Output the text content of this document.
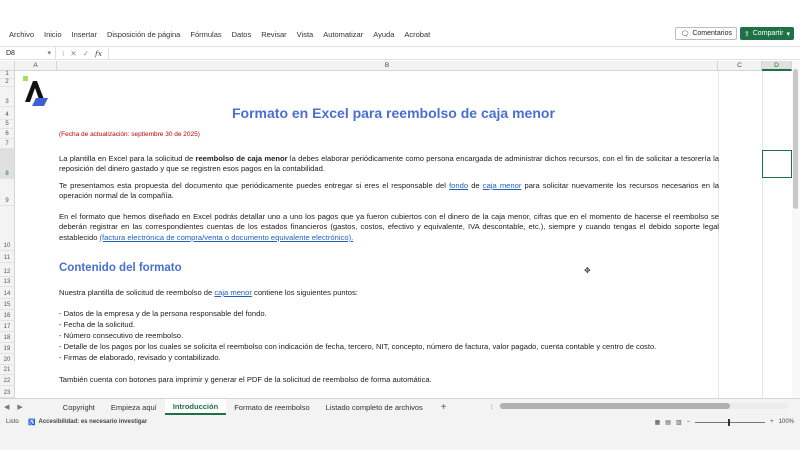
Archivo	Inicio	Insertar	Disposición de página	Fórmulas	Datos	Revisar	Vista	Automatizar	Ayuda	Acrobat	🗨 Comentarios ⇪ Compartir ▾
D8	▾ ⁝ ✕ ✓ fx
A	B	C	D
1
2
3
4
5
6
7
8
9
10
11
12
13
14
15
16
17
18
19
20
21
22
23
Formato en Excel para reembolso de caja menor
(Fecha de actualización: septiembre 30 de 2025)
La plantilla en Excel para la solicitud de reembolso de caja menor la debes elaborar periódicamente como persona encargada de administrar dichos recursos, con el fin de solicitar a tesorería la reposición del dinero gastado y que se registren esos pagos en la contabilidad.
Te presentamos esta propuesta del documento que periódicamente puedes entregar si eres el responsable del fondo de caja menor para solicitar nuevamente los recursos necesarios en la operación normal de la compañía.
En el formato que hemos diseñado en Excel podrás detallar uno a uno los pagos que ya fueron cubiertos con el dinero de la caja menor, cifras que en el momento de hacerse el reembolso se deberán registrar en las correspondientes cuentas de los estados financieros (gastos, costos, efectivo y equivalente, IVA descontable, etc.), siempre y cuando tengas el debido soporte legal establecido (factura electrónica de compra/venta o documento equivalente electrónico).
Contenido del formato
Nuestra plantilla de solicitud de reembolso de caja menor contiene los siguientes puntos:
- Datos de la empresa y de la persona responsable del fondo.
- Fecha de la solicitud.
- Número consecutivo de reembolso.
- Detalle de los pagos por los cuales se solicita el reembolso con indicación de fecha, tercero, NIT, concepto, número de factura, valor pagado, cuenta contable y centro de costo.
- Firmas de elaborado, revisado y contabilizado.
También cuenta con botones para imprimir y generar el PDF de la solicitud de reembolso de forma automática.
✥
◀	▶	Copyright	Empieza aquí	Introducción	Formato de reembolso	Listado completo de archivos	+	⁝
Listo	♿ Accesibilidad: es necesario investigar	▦ ▤ ▥ −	+ 100%
